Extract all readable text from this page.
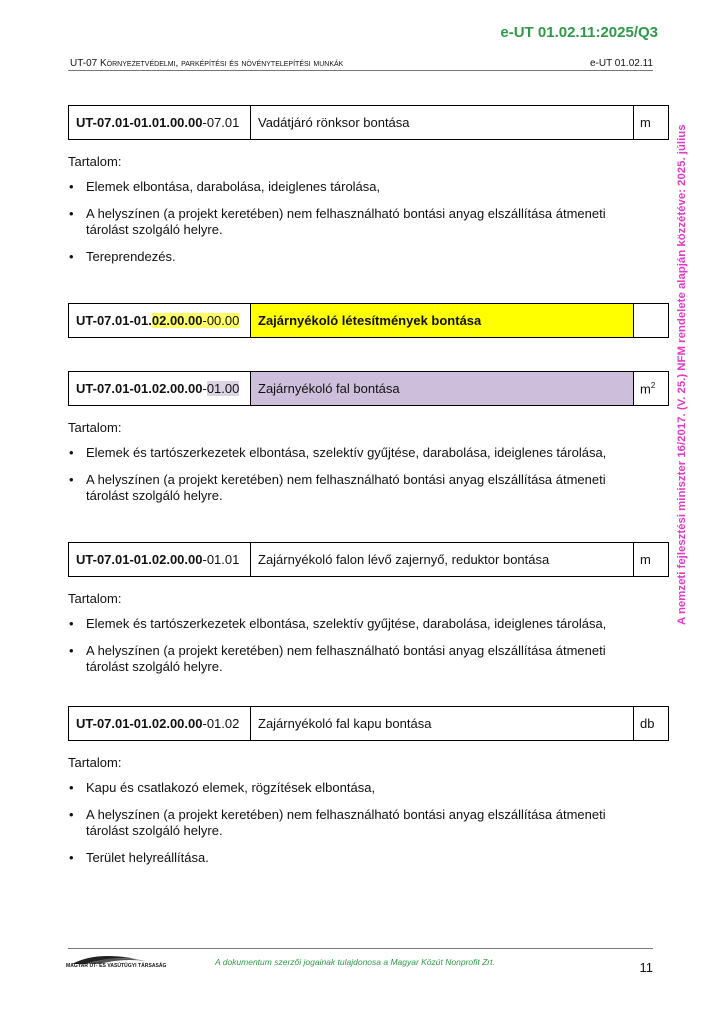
e-UT 01.02.11:2025/Q3
UT-07 Környezetvédelmi, parképítési és növénytelepítési munkák	e-UT 01.02.11
A nemzeti fejlesztési miniszter 16/2017. (V. 25.) NFM rendelete alapján közzétéve: 2025. július
UT-07.01-01.01.00.00-07.01	Vadátjáró rönksor bontása	m

Tartalom:

• Elemek elbontása, darabolása, ideiglenes tárolása,
• A helyszínen (a projekt keretében) nem felhasználható bontási anyag elszállítása átmeneti tárolást szolgáló helyre.
• Tereprendezés.
UT-07.01-01.02.00.00-00.00	Zajárnyékoló létesítmények bontása	
UT-07.01-01.02.00.00-01.00	Zajárnyékoló fal bontása	$m^2$

Tartalom:

• Elemek és tartószerkezetek elbontása, szelektív gyűjtése, darabolása, ideiglenes tárolása,
• A helyszínen (a projekt keretében) nem felhasználható bontási anyag elszállítása átmeneti tárolást szolgáló helyre.
UT-07.01-01.02.00.00-01.01	Zajárnyékoló falon lévő zajernyő, reduktor bontása	m

Tartalom:

• Elemek és tartószerkezetek elbontása, szelektív gyűjtése, darabolása, ideiglenes tárolása,
• A helyszínen (a projekt keretében) nem felhasználható bontási anyag elszállítása átmeneti tárolást szolgáló helyre.
UT-07.01-01.02.00.00-01.02	Zajárnyékoló fal kapu bontása	db

Tartalom:

• Kapu és csatlakozó elemek, rögzítések elbontása,
• A helyszínen (a projekt keretében) nem felhasználható bontási anyag elszállítása átmeneti tárolást szolgáló helyre.
• Terület helyreállítása.
MAGYAR ÚT- ÉS VASÚTÜGYI TÁRSASÁG	A dokumentum szerzői jogainak tulajdonosa a Magyar Közút Nonprofit Zrt.	11
